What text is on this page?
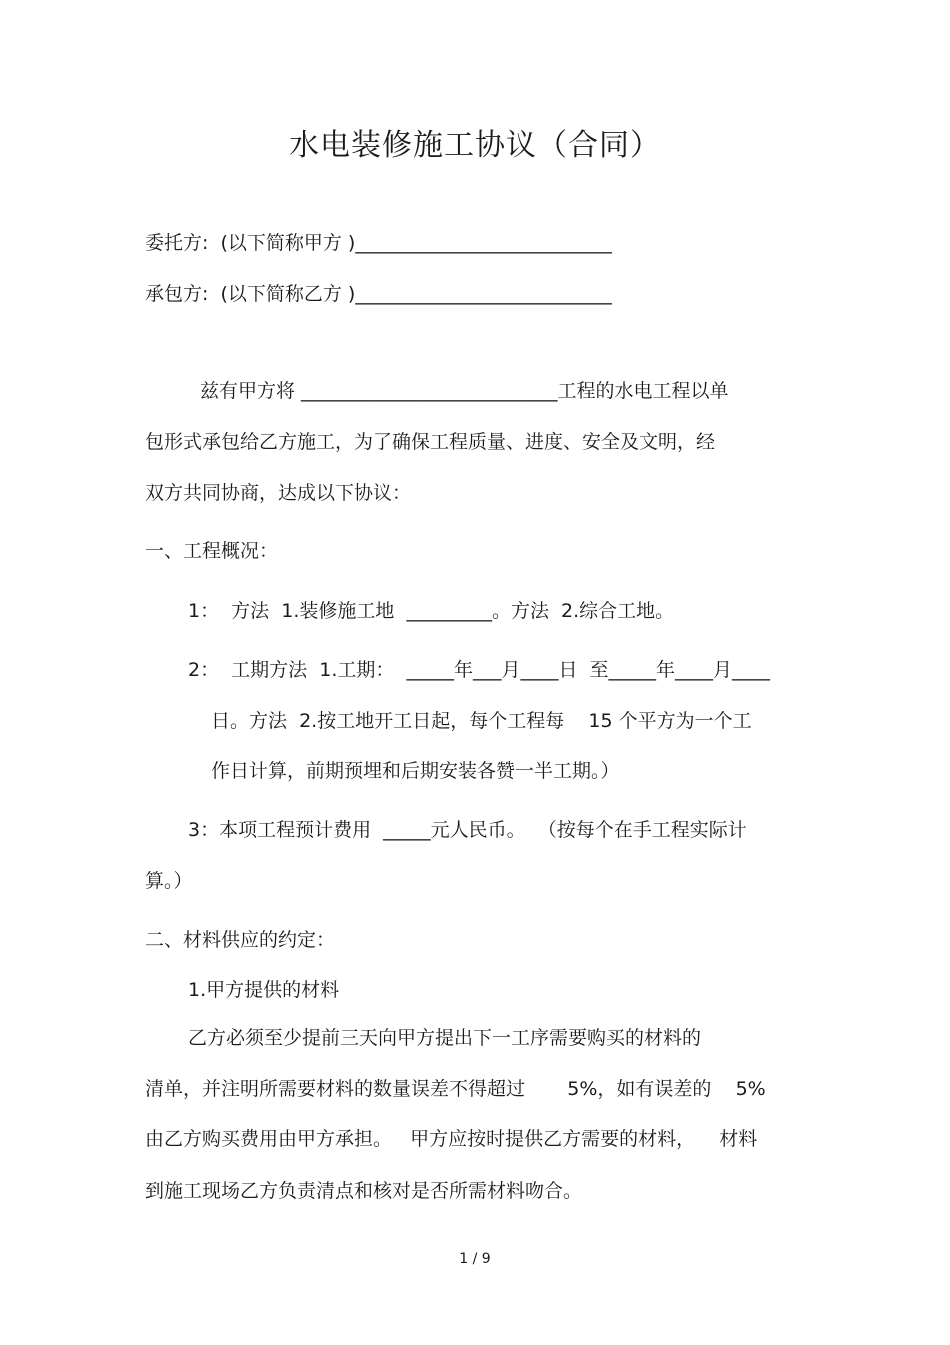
水电装修施工协议（合同）
委托方:  (以下简称甲方 )___________________________
承包方:  (以下简称乙方 )___________________________
兹有甲方将 ___________________________工程的水电工程以单
包形式承包给乙方施工，为了确保工程质量、进度、安全及文明，经
双方共同协商，达成以下协议：
一、工程概况：
1：  方法  1.装修施工地  _________。方法  2.综合工地。
2：  工期方法  1.工期：  _____年___月____日  至_____年____月____
日。方法  2.按工地开工日起，每个工程每    15 个平方为一个工
作日计算，前期预埋和后期安装各赞一半工期。）
3：本项工程预计费用  _____元人民币。  （按每个在手工程实际计
算。）
二、材料供应的约定：
1.甲方提供的材料
乙方必须至少提前三天向甲方提出下一工序需要购买的材料的
清单，并注明所需要材料的数量误差不得超过       5%，如有误差的    5%
由乙方购买费用由甲方承担。   甲方应按时提供乙方需要的材料，    材料
到施工现场乙方负责清点和核对是否所需材料吻合。
1 / 9
